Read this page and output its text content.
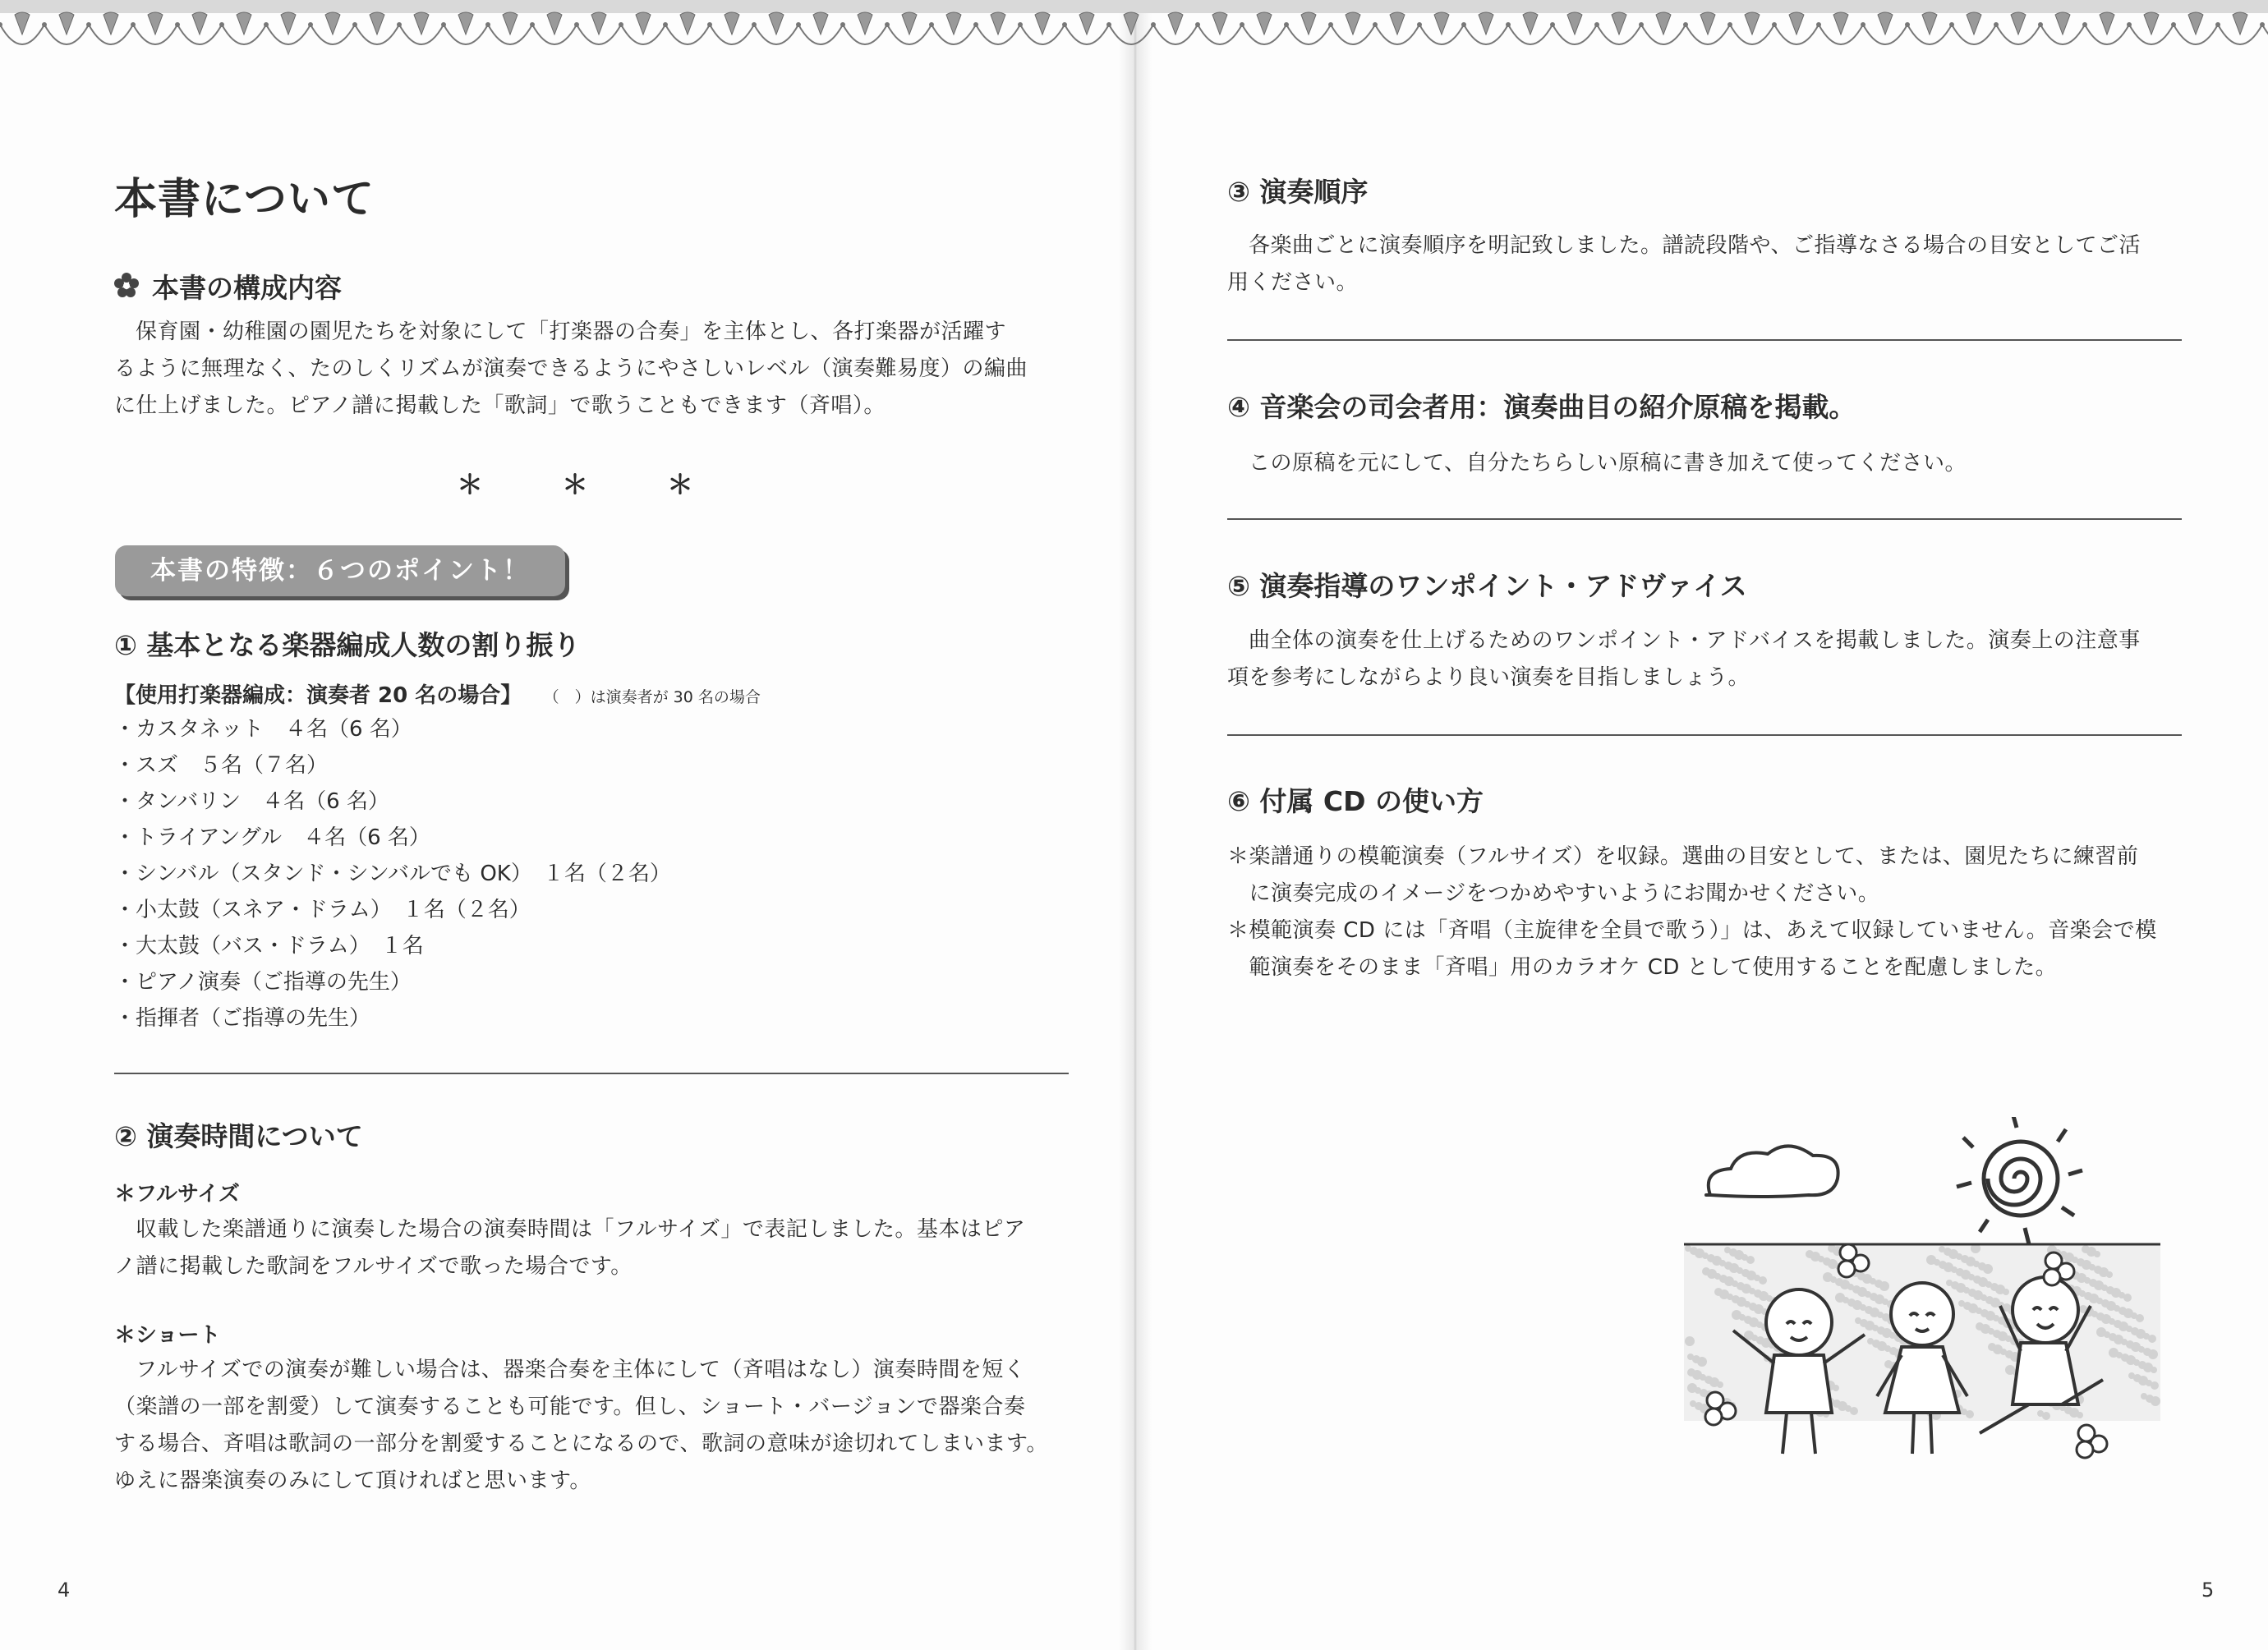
本書について
本書の構成内容

保育園・幼稚園の園児たちを対象にして「打楽器の合奏」を主体とし、各打楽器が活躍す

るように無理なく、たのしくリズムが演奏できるようにやさしいレベル（演奏難易度）の編曲

に仕上げました。ピアノ譜に掲載した「歌詞」で歌うこともできます（斉唱）。

＊　　　＊　　　＊
本書の特徴：６つのポイント！
① 基本となる楽器編成人数の割り振り
【使用打楽器編成：演奏者 20 名の場合】 （　）は演奏者が 30 名の場合

・カスタネット　４名（6 名）

・スズ　５名（７名）

・タンバリン　４名（6 名）

・トライアングル　４名（6 名）

・シンバル（スタンド・シンバルでも OK）　１名（２名）

・小太鼓（スネア・ドラム）　１名（２名）

・大太鼓（バス・ドラム）　１名

・ピアノ演奏（ご指導の先生）

・指揮者（ご指導の先生）

② 演奏時間について
＊フルサイズ

収載した楽譜通りに演奏した場合の演奏時間は「フルサイズ」で表記しました。基本はピア

ノ譜に掲載した歌詞をフルサイズで歌った場合です。

＊ショート

フルサイズでの演奏が難しい場合は、器楽合奏を主体にして（斉唱はなし）演奏時間を短く

（楽譜の一部を割愛）して演奏することも可能です。但し、ショート・バージョンで器楽合奏

する場合、斉唱は歌詞の一部分を割愛することになるので、歌詞の意味が途切れてしまいます。

ゆえに器楽演奏のみにして頂ければと思います。

4
③ 演奏順序

各楽曲ごとに演奏順序を明記致しました。譜読段階や、ご指導なさる場合の目安としてご活

用ください。

④ 音楽会の司会者用：演奏曲目の紹介原稿を掲載。

この原稿を元にして、自分たちらしい原稿に書き加えて使ってください。

⑤ 演奏指導のワンポイント・アドヴァイス

曲全体の演奏を仕上げるためのワンポイント・アドバイスを掲載しました。演奏上の注意事

項を参考にしながらより良い演奏を目指しましょう。

⑥ 付属 CD の使い方

＊楽譜通りの模範演奏（フルサイズ）を収録。選曲の目安として、または、園児たちに練習前

　に演奏完成のイメージをつかめやすいようにお聞かせください。

＊模範演奏 CD には「斉唱（主旋律を全員で歌う）」は、あえて収録していません。音楽会で模

　範演奏をそのまま「斉唱」用のカラオケ CD として使用することを配慮しました。

5
